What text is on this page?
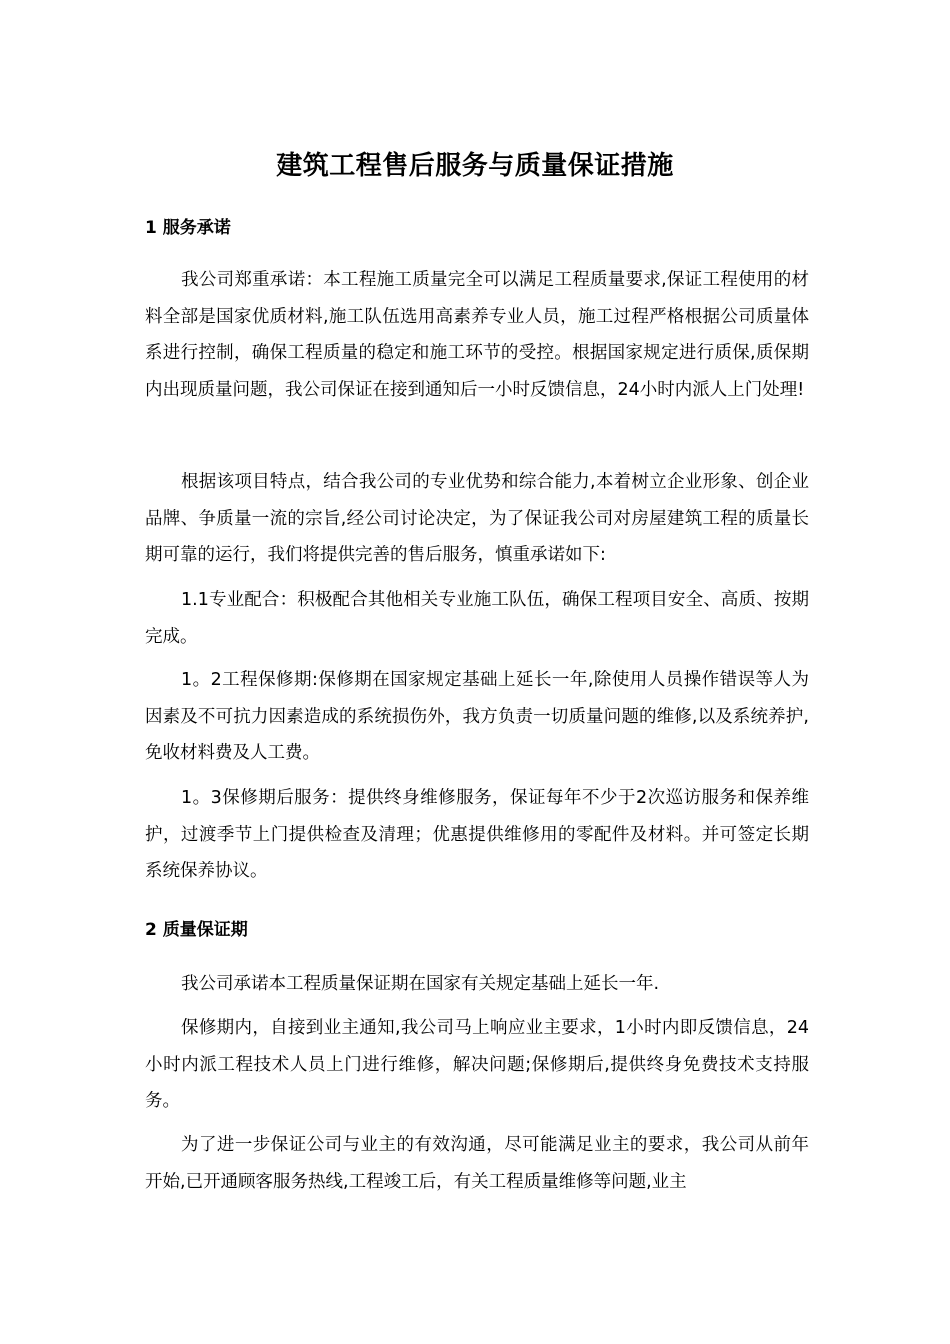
建筑工程售后服务与质量保证措施
1 服务承诺

我公司郑重承诺：本工程施工质量完全可以满足工程质量要求,保证工程使用的材料全部是国家优质材料,施工队伍选用高素养专业人员，施工过程严格根据公司质量体系进行控制，确保工程质量的稳定和施工环节的受控。根据国家规定进行质保,质保期内出现质量问题，我公司保证在接到通知后一小时反馈信息，24小时内派人上门处理!

根据该项目特点，结合我公司的专业优势和综合能力,本着树立企业形象、创企业品牌、争质量一流的宗旨,经公司讨论决定，为了保证我公司对房屋建筑工程的质量长期可靠的运行，我们将提供完善的售后服务，慎重承诺如下:

1.1专业配合：积极配合其他相关专业施工队伍，确保工程项目安全、高质、按期完成。

1。2工程保修期:保修期在国家规定基础上延长一年,除使用人员操作错误等人为因素及不可抗力因素造成的系统损伤外，我方负责一切质量问题的维修,以及系统养护,免收材料费及人工费。

1。3保修期后服务：提供终身维修服务，保证每年不少于2次巡访服务和保养维护，过渡季节上门提供检查及清理；优惠提供维修用的零配件及材料。并可签定长期系统保养协议。

2 质量保证期

我公司承诺本工程质量保证期在国家有关规定基础上延长一年.

保修期内，自接到业主通知,我公司马上响应业主要求，1小时内即反馈信息，24小时内派工程技术人员上门进行维修，解决问题;保修期后,提供终身免费技术支持服务。

为了进一步保证公司与业主的有效沟通，尽可能满足业主的要求，我公司从前年开始,已开通顾客服务热线,工程竣工后，有关工程质量维修等问题,业主
